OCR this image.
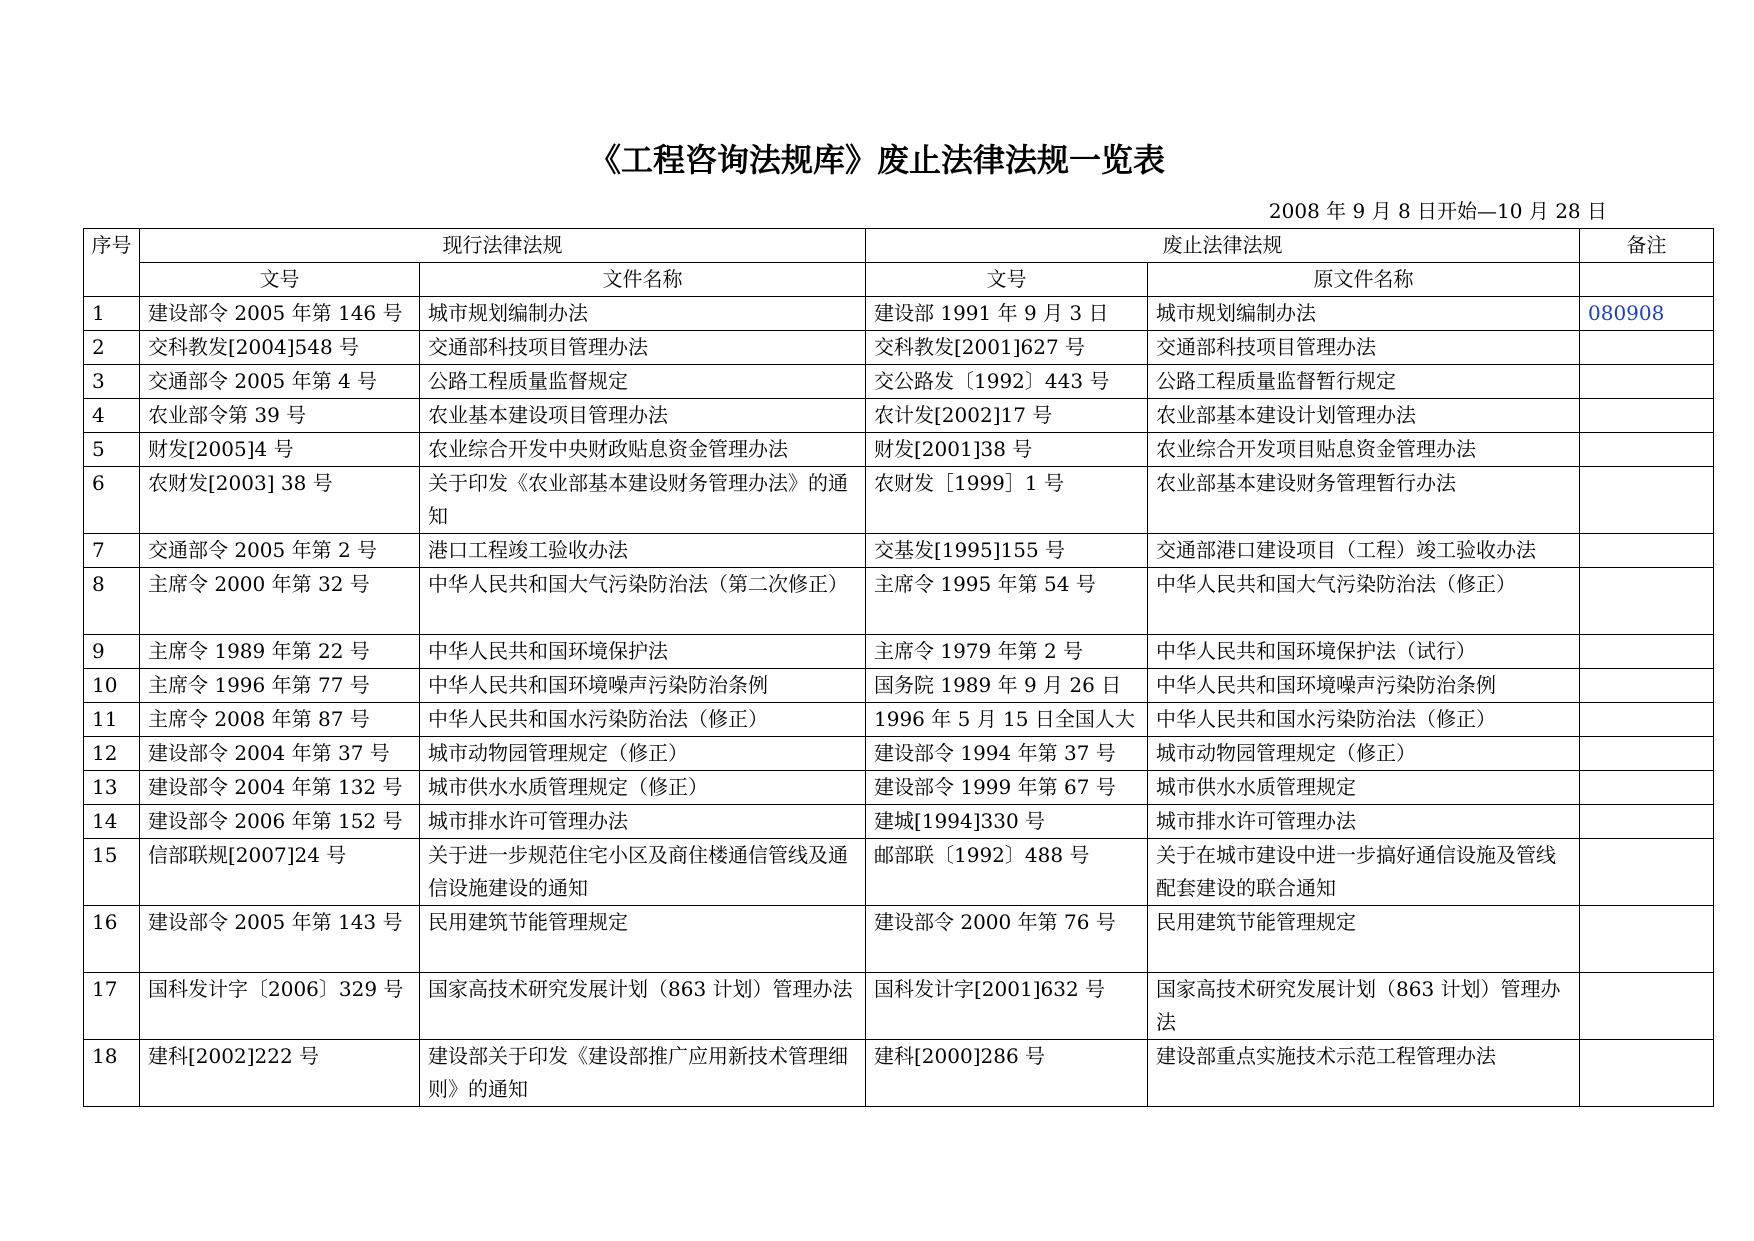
《工程咨询法规库》废止法律法规一览表
2008 年 9 月 8 日开始—10 月 28 日
序号	现行法律法规		废止法律法规		备注
	文号	文件名称	文号	原文件名称	
1	建设部令 2005 年第 146 号	城市规划编制办法	建设部 1991 年 9 月 3 日	城市规划编制办法	080908
2	交科教发[2004]548 号	交通部科技项目管理办法	交科教发[2001]627 号	交通部科技项目管理办法	
3	交通部令 2005 年第 4 号	公路工程质量监督规定	交公路发〔1992〕443 号	公路工程质量监督暂行规定	
4	农业部令第 39 号	农业基本建设项目管理办法	农计发[2002]17 号	农业部基本建设计划管理办法	
5	财发[2005]4 号	农业综合开发中央财政贴息资金管理办法	财发[2001]38 号	农业综合开发项目贴息资金管理办法	
6	农财发[2003] 38 号	关于印发《农业部基本建设财务管理办法》的通知	农财发［1999］1 号	农业部基本建设财务管理暂行办法	
7	交通部令 2005 年第 2 号	港口工程竣工验收办法	交基发[1995]155 号	交通部港口建设项目（工程）竣工验收办法	
8	主席令 2000 年第 32 号	中华人民共和国大气污染防治法（第二次修正）	主席令 1995 年第 54 号	中华人民共和国大气污染防治法（修正）	
9	主席令 1989 年第 22 号	中华人民共和国环境保护法	主席令 1979 年第 2 号	中华人民共和国环境保护法（试行）	
10	主席令 1996 年第 77 号	中华人民共和国环境噪声污染防治条例	国务院 1989 年 9 月 26 日	中华人民共和国环境噪声污染防治条例	
11	主席令 2008 年第 87 号	中华人民共和国水污染防治法（修正）	1996 年 5 月 15 日全国人大	中华人民共和国水污染防治法（修正）	
12	建设部令 2004 年第 37 号	城市动物园管理规定（修正）	建设部令 1994 年第 37 号	城市动物园管理规定（修正）	
13	建设部令 2004 年第 132 号	城市供水水质管理规定（修正）	建设部令 1999 年第 67 号	城市供水水质管理规定	
14	建设部令 2006 年第 152 号	城市排水许可管理办法	建城[1994]330 号	城市排水许可管理办法	
15	信部联规[2007]24 号	关于进一步规范住宅小区及商住楼通信管线及通信设施建设的通知	邮部联〔1992〕488 号	关于在城市建设中进一步搞好通信设施及管线配套建设的联合通知	
16	建设部令 2005 年第 143 号	民用建筑节能管理规定	建设部令 2000 年第 76 号	民用建筑节能管理规定	
17	国科发计字〔2006〕329 号	国家高技术研究发展计划（863 计划）管理办法	国科发计字[2001]632 号	国家高技术研究发展计划（863 计划）管理办法	
18	建科[2002]222 号	建设部关于印发《建设部推广应用新技术管理细则》的通知	建科[2000]286 号	建设部重点实施技术示范工程管理办法	
